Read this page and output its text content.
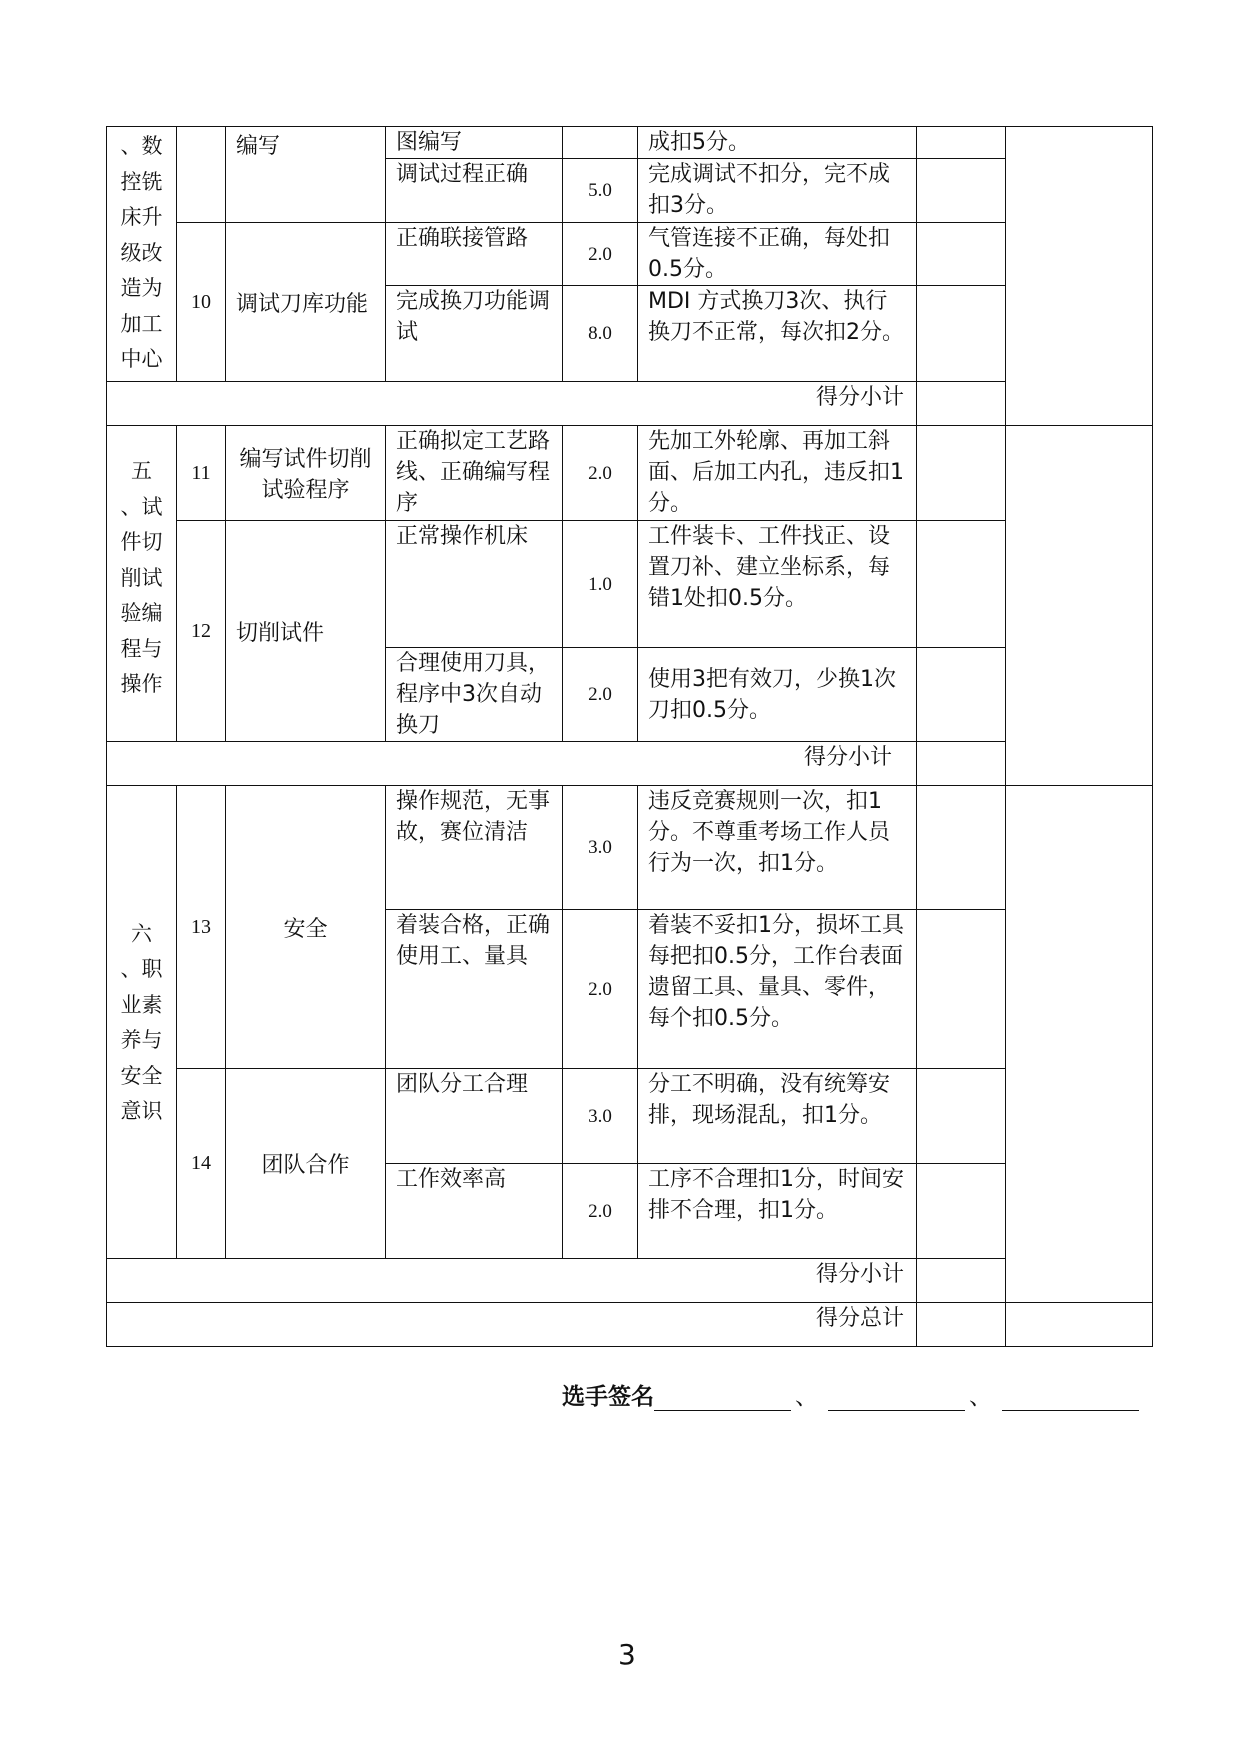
、数
控铣
床升
级改
造为
加工
中心
		编写	图编写		成扣5分。		
			调试过程正确	5.0	完成调试不扣分，完不成扣3分。		
	10	调试刀库功能	正确联接管路	2.0	气管连接不正确，每处扣0.5分。		
			完成换刀功能调试	8.0	MDI 方式换刀3次、执行换刀不正常，每次扣2分。		
得分小计							

五
、试
件切
削试
验编
程与
操作
	11	编写试件切削试验程序	正确拟定工艺路线、正确编写程序	2.0	先加工外轮廓、再加工斜面、后加工内孔，违反扣1分。		
	12	切削试件	正常操作机床	1.0	工件装卡、工件找正、设置刀补、建立坐标系，每错1处扣0.5分。		
			合理使用刀具，程序中3次自动换刀	2.0	使用3把有效刀，少换1次刀扣0.5分。		
得分小计							

六
、职
业素
养与
安全
意识
	13	安全	操作规范，无事故，赛位清洁	3.0	违反竞赛规则一次，扣1分。不尊重考场工作人员行为一次，扣1分。		
			着装合格，正确使用工、量具	2.0	着装不妥扣1分，损坏工具每把扣0.5分，工作台表面遗留工具、量具、零件，每个扣0.5分。		
	14	团队合作	团队分工合理	3.0	分工不明确，没有统筹安排，现场混乱，扣1分。		
			工作效率高	2.0	工序不合理扣1分，时间安排不合理，扣1分。		
得分小计							
得分总计							
选手签名	、	、
3
